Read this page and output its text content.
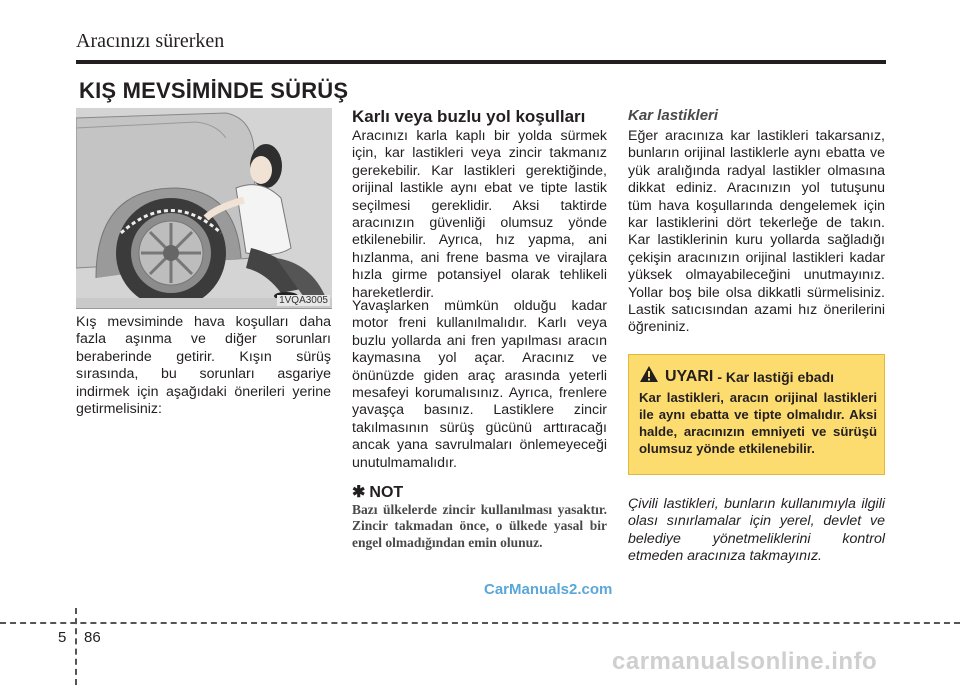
Aracınızı sürerken
KIŞ MEVSİMİNDE SÜRÜŞ
1VQA3005
Kış mevsiminde hava koşulları daha fazla aşınma ve diğer sorunları beraberinde getirir. Kışın sürüş sırasında, bu sorunları asgariye indirmek için aşağıdaki önerileri yerine getirmelisiniz:
Karlı veya buzlu yol koşulları
Aracınızı karla kaplı bir yolda sürmek için, kar lastikleri veya zincir takmanız gerekebilir. Kar lastikleri gerektiğinde, orijinal lastikle aynı ebat ve tipte lastik seçilmesi gereklidir. Aksi taktirde aracınızın güvenliği olumsuz yönde etkilenebilir. Ayrıca, hız yapma, ani hızlanma, ani frene basma ve virajlara hızla girme potansiyel olarak tehlikeli hareketlerdir.
Yavaşlarken mümkün olduğu kadar motor freni kullanılmalıdır. Karlı veya buzlu yollarda ani fren yapılması aracın kaymasına yol açar. Aracınız ve önünüzde giden araç arasında yeterli mesafeyi korumalısınız. Ayrıca, frenlere yavaşça basınız. Lastiklere zincir takılmasının sürüş gücünü arttıracağı ancak yana savrulmaları önlemeyeceği unutulmamalıdır.
✱ NOT
Bazı ülkelerde zincir kullanılması yasaktır. Zincir takmadan önce, o ülkede yasal bir engel olmadığından emin olunuz.
Kar lastikleri
Eğer aracınıza kar lastikleri takarsanız, bunların orijinal lastiklerle aynı ebatta ve yük aralığında radyal lastikler olmasına dikkat ediniz. Aracınızın yol tutuşunu tüm hava koşullarında dengelemek için kar lastiklerini dört tekerleğe de takın. Kar lastiklerinin kuru yollarda sağladığı çekişin aracınızın orijinal lastikleri kadar yüksek olmayabileceğini unutmayınız. Yollar boş bile olsa dikkatli sürmelisiniz. Lastik satıcısından azami hız önerilerini öğreniniz.
UYARI - Kar lastiği ebadı
Kar lastikleri, aracın orijinal lastikleri ile aynı ebatta ve tipte olmalıdır. Aksi halde, aracınızın emniyeti ve sürüşü olumsuz yönde etkilenebilir.
Çivili lastikleri, bunların kullanımıyla ilgili olası sınırlamalar için yerel, devlet ve belediye yönetmeliklerini kontrol etmeden aracınıza takmayınız.
CarManuals2.com
5 86
carmanualsonline.info
